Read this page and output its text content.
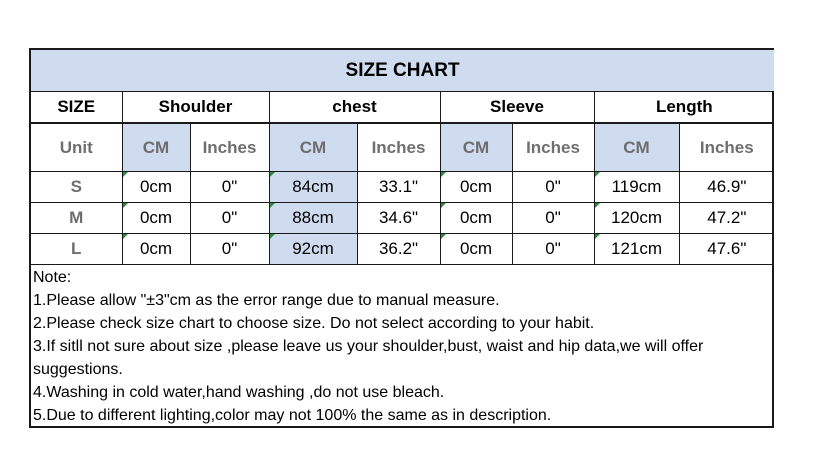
SIZE CHART								
SIZE	Shoulder		chest		Sleeve		Length	
Unit	CM	Inches	CM	Inches	CM	Inches	CM	Inches
S	0cm	0"	84cm	33.1"	0cm	0"	119cm	46.9"
M	0cm	0"	88cm	34.6"	0cm	0"	120cm	47.2"
L	0cm	0"	92cm	36.2"	0cm	0"	121cm	47.6"
Note:
1.Please allow "±3"cm as the error range due to manual measure.
2.Please check size chart to choose size. Do not select according to your habit.
3.If sitll not sure about size ,please leave us your shoulder,bust, waist and hip data,we will offer suggestions.
4.Washing in cold water,hand washing ,do not use bleach.
5.Due to different lighting,color may not 100% the same as in description.
